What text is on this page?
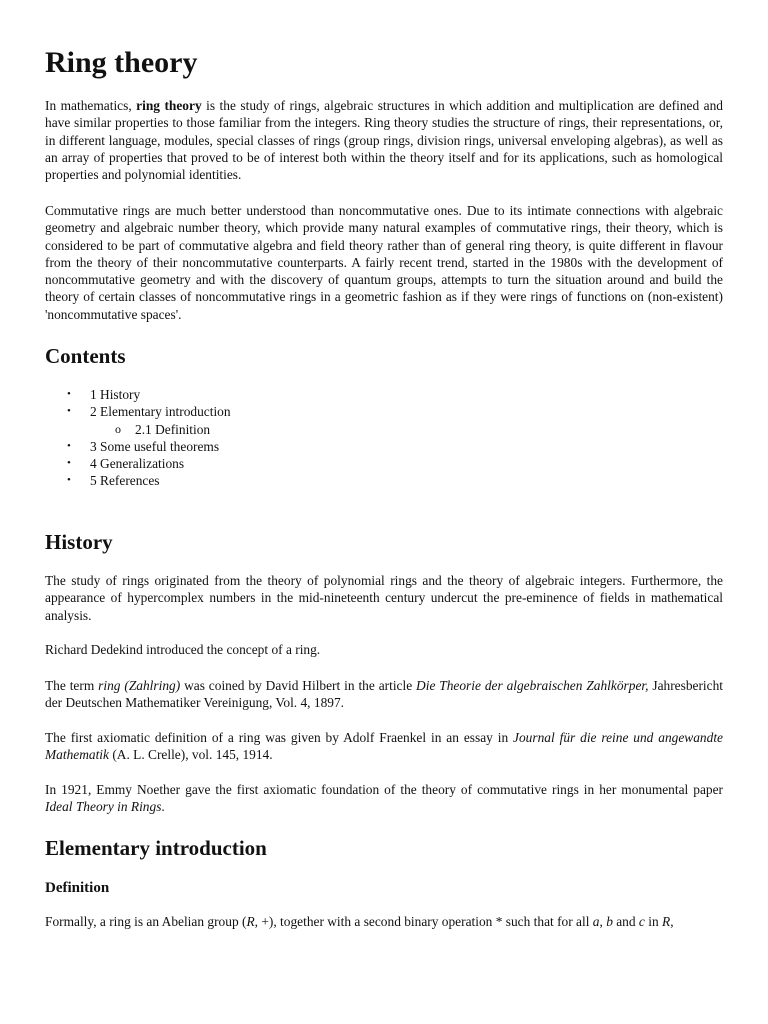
Ring theory

In mathematics, ring theory is the study of rings, algebraic structures in which addition and multiplication are defined and have similar properties to those familiar from the integers. Ring theory studies the structure of rings, their representations, or, in different language, modules, special classes of rings (group rings, division rings, universal enveloping algebras), as well as an array of properties that proved to be of interest both within the theory itself and for its applications, such as homological properties and polynomial identities.

Commutative rings are much better understood than noncommutative ones. Due to its intimate connections with algebraic geometry and algebraic number theory, which provide many natural examples of commutative rings, their theory, which is considered to be part of commutative algebra and field theory rather than of general ring theory, is quite different in flavour from the theory of their noncommutative counterparts. A fairly recent trend, started in the 1980s with the development of noncommutative geometry and with the discovery of quantum groups, attempts to turn the situation around and build the theory of certain classes of noncommutative rings in a geometric fashion as if they were rings of functions on (non-existent) 'noncommutative spaces'.

Contents
• 1 History
• 2 Elementary introduction
o 2.1 Definition
• 3 Some useful theorems
• 4 Generalizations
• 5 References
History

The study of rings originated from the theory of polynomial rings and the theory of algebraic integers. Furthermore, the appearance of hypercomplex numbers in the mid-nineteenth century undercut the pre-eminence of fields in mathematical analysis.

Richard Dedekind introduced the concept of a ring.

The term ring (Zahlring) was coined by David Hilbert in the article Die Theorie der algebraischen Zahlkörper, Jahresbericht der Deutschen Mathematiker Vereinigung, Vol. 4, 1897.

The first axiomatic definition of a ring was given by Adolf Fraenkel in an essay in Journal für die reine und angewandte Mathematik (A. L. Crelle), vol. 145, 1914.

In 1921, Emmy Noether gave the first axiomatic foundation of the theory of commutative rings in her monumental paper Ideal Theory in Rings.

Elementary introduction
Definition

Formally, a ring is an Abelian group (R, +), together with a second binary operation * such that for all a, b and c in R,
